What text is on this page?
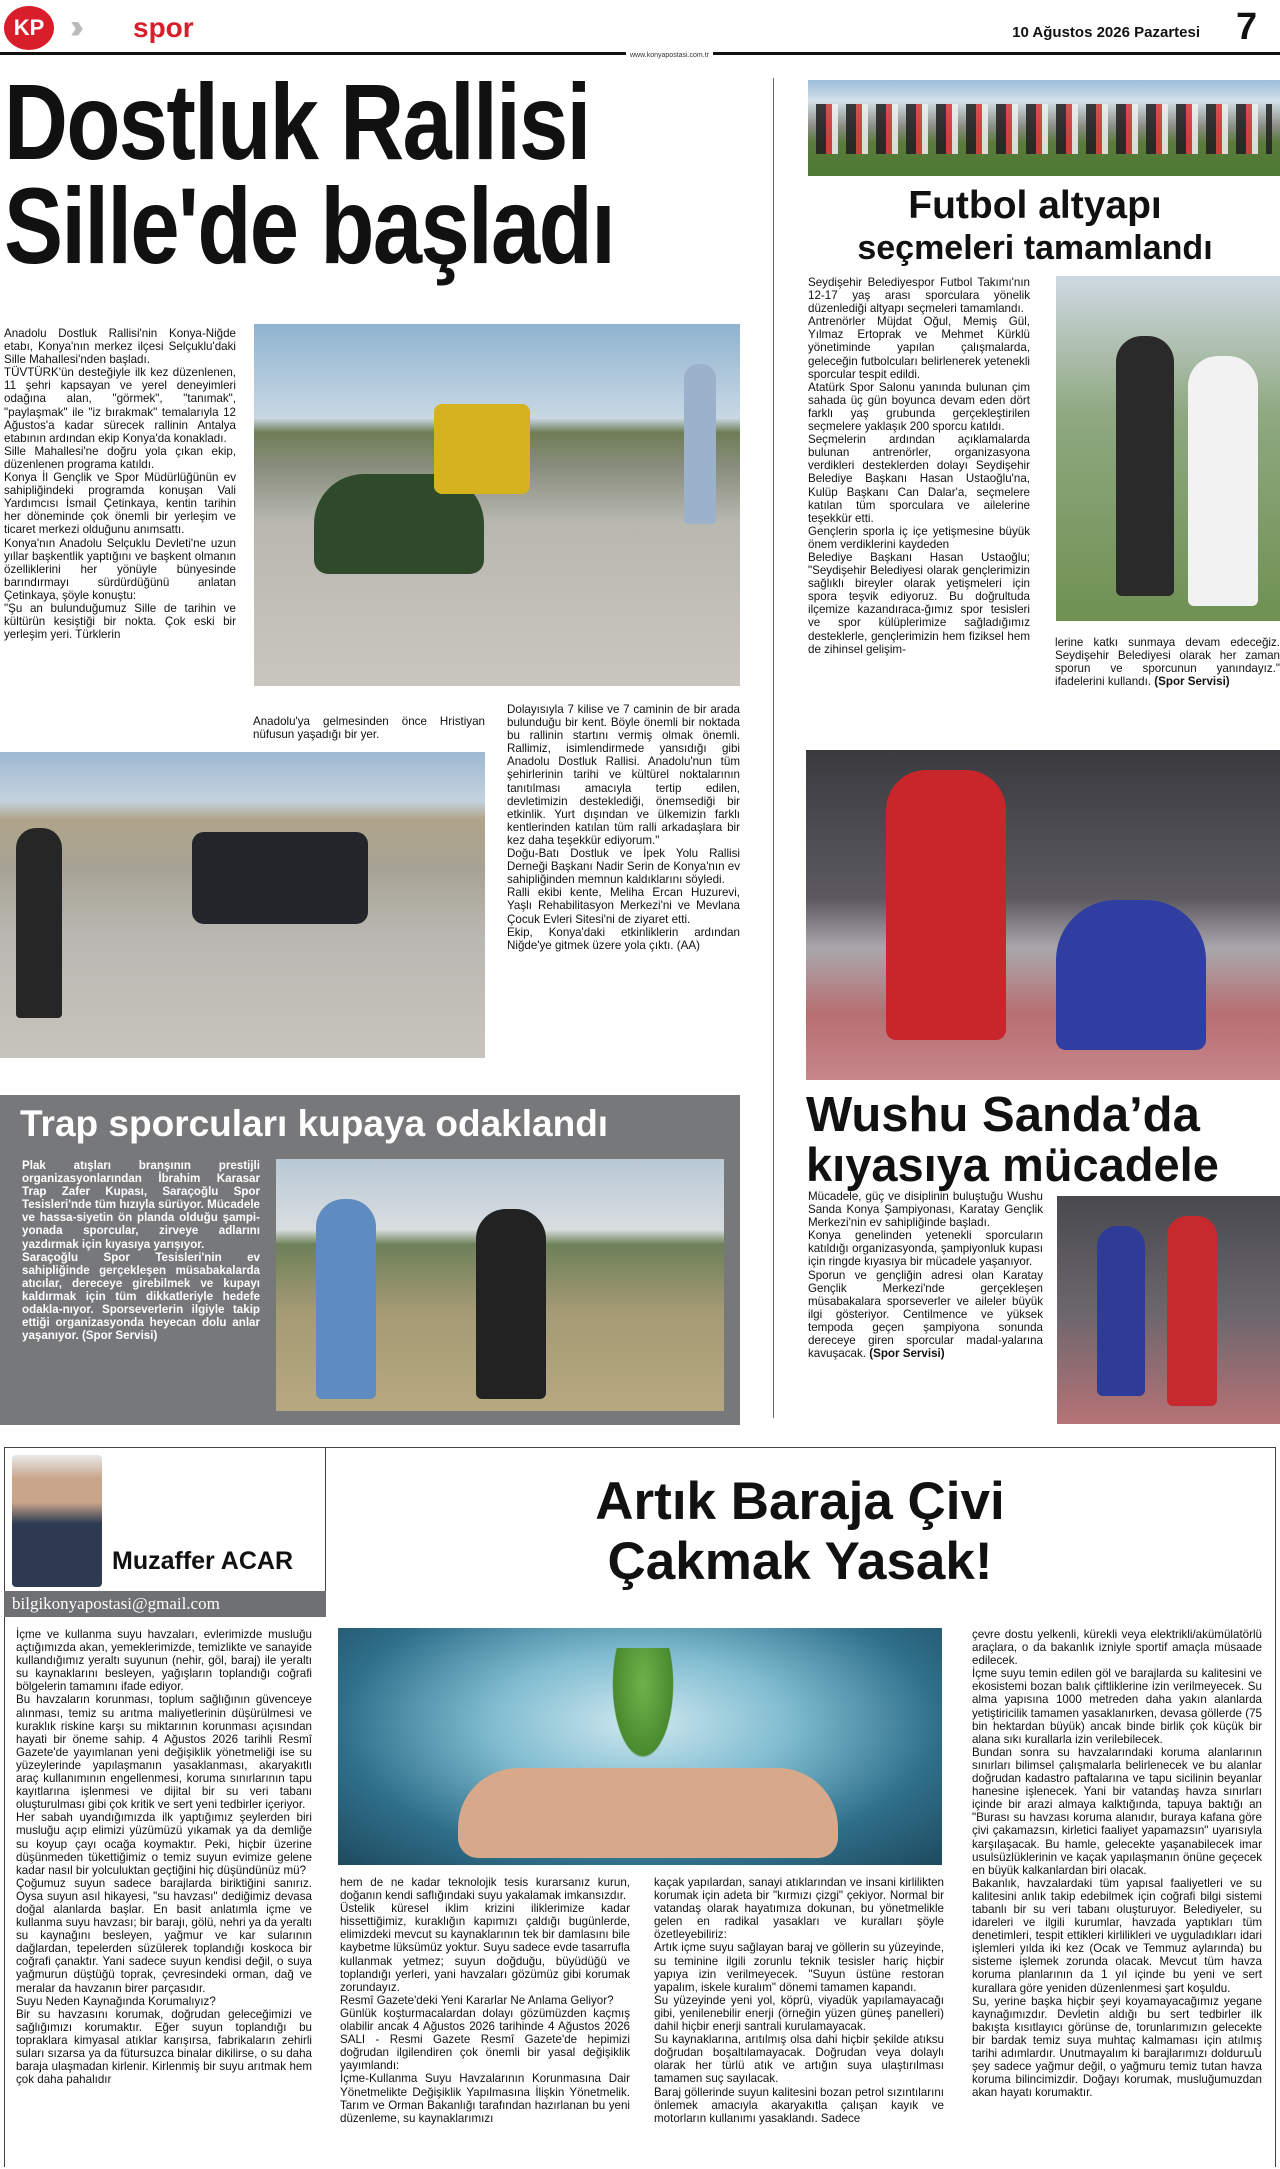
KP ›››	spor	10 Ağustos 2026 Pazartesi 7
www.konyapostasi.com.tr
Dostluk Rallisi
Sille'de başladı
Anadolu Dostluk Rallisi'nin Konya-Niğde etabı, Konya'nın merkez ilçesi Selçuklu'daki Sille Mahallesi'nden başladı.
TÜVTÜRK'ün desteğiyle ilk kez düzenlenen, 11 şehri kapsayan ve yerel deneyimleri odağına alan, "görmek", "tanımak", "paylaşmak" ile "iz bırakmak" temalarıyla 12 Ağustos'a kadar sürecek rallinin Antalya etabının ardından ekip Konya'da konakladı.
Sille Mahallesi'ne doğru yola çıkan ekip, düzenlenen programa katıldı.
Konya İl Gençlik ve Spor Müdürlüğünün ev sahipliğindeki programda konuşan Vali Yardımcısı İsmail Çetinkaya, kentin tarihin her döneminde çok önemli bir yerleşim ve ticaret merkezi olduğunu anımsattı.
Konya'nın Anadolu Selçuklu Devleti'ne uzun yıllar başkentlik yaptığını ve başkent olmanın özelliklerini her yönüyle bünyesinde barındırmayı sürdürdüğünü anlatan Çetinkaya, şöyle konuştu:
"Şu an bulunduğumuz Sille de tarihin ve kültürün kesiştiği bir nokta. Çok eski bir yerleşim yeri. Türklerin
Anadolu'ya gelmesinden önce Hristiyan nüfusun yaşadığı bir yer.
Dolayısıyla 7 kilise ve 7 caminin de bir arada bulunduğu bir kent. Böyle önemli bir noktada bu rallinin startını vermiş olmak önemli. Rallimiz, isimlendirmede yansıdığı gibi Anadolu Dostluk Rallisi. Anadolu'nun tüm şehirlerinin tarihi ve kültürel noktalarının tanıtılması amacıyla tertip edilen, devletimizin desteklediği, önemsediği bir etkinlik. Yurt dışından ve ülkemizin farklı kentlerinden katılan tüm ralli arkadaşlara bir kez daha teşekkür ediyorum."
Doğu-Batı Dostluk ve İpek Yolu Rallisi Derneği Başkanı Nadir Serin de Konya'nın ev sahipliğinden memnun kaldıklarını söyledi.
Ralli ekibi kente, Meliha Ercan Huzurevi, Yaşlı Rehabilitasyon Merkezi'ni ve Mevlana Çocuk Evleri Sitesi'ni de ziyaret etti.
Ekip, Konya'daki etkinliklerin ardından Niğde'ye gitmek üzere yola çıktı. (AA)
Trap sporcuları kupaya odaklandı
Plak atışları branşının prestijli organizasyonlarından İbrahim Karasar Trap Zafer Kupası, Saraçoğlu Spor Tesisleri'nde tüm hızıyla sürüyor. Mücadele ve hassa-siyetin ön planda olduğu şampi-yonada sporcular, zirveye adlarını yazdırmak için kıyasıya yarışıyor.
Saraçoğlu Spor Tesisleri'nin ev sahipliğinde gerçekleşen müsabakalarda atıcılar, dereceye girebilmek ve kupayı kaldırmak için tüm dikkatleriyle hedefe odakla-nıyor. Sporseverlerin ilgiyle takip ettiği organizasyonda heyecan dolu anlar yaşanıyor. (Spor Servisi)
Futbol altyapı
seçmeleri tamamlandı
Seydişehir Belediyespor Futbol Takımı'nın 12-17 yaş arası sporculara yönelik düzenlediği altyapı seçmeleri tamamlandı.
Antrenörler Müjdat Oğul, Memiş Gül, Yılmaz Ertoprak ve Mehmet Kürklü yönetiminde yapılan çalışmalarda, geleceğin futbolcuları belirlenerek yetenekli sporcular tespit edildi.
Atatürk Spor Salonu yanında bulunan çim sahada üç gün boyunca devam eden dört farklı yaş grubunda gerçekleştirilen seçmelere yaklaşık 200 sporcu katıldı.
Seçmelerin ardından açıklamalarda bulunan antrenörler, organizasyona verdikleri desteklerden dolayı Seydişehir Belediye Başkanı Hasan Ustaoğlu'na, Kulüp Başkanı Can Dalar'a, seçmelere katılan tüm sporculara ve ailelerine teşekkür etti.
Gençlerin sporla iç içe yetişmesine büyük önem verdiklerini kaydeden
Belediye Başkanı Hasan Ustaoğlu; "Seydişehir Belediyesi olarak gençlerimizin sağlıklı bireyler olarak yetişmeleri için spora teşvik ediyoruz. Bu doğrultuda ilçemize kazandıraca-ğımız spor tesisleri ve spor külüplerimize sağladığımız desteklerle, gençlerimizin hem fiziksel hem de zihinsel gelişim-
lerine katkı sunmaya devam edeceğiz. Seydişehir Belediyesi olarak her zaman sporun ve sporcunun yanındayız." ifadelerini kullandı. (Spor Servisi)
Wushu Sanda’da
kıyasıya mücadele
Mücadele, güç ve disiplinin buluştuğu Wushu Sanda Konya Şampiyonası, Karatay Gençlik Merkezi'nin ev sahipliğinde başladı.
Konya genelinden yetenekli sporcuların katıldığı organizasyonda, şampiyonluk kupası için ringde kıyasıya bir mücadele yaşanıyor.
Sporun ve gençliğin adresi olan Karatay Gençlik Merkezi'nde gerçekleşen müsabakalara sporseverler ve aileler büyük ilgi gösteriyor. Centilmence ve yüksek tempoda geçen şampiyona sonunda dereceye giren sporcular madal-yalarına kavuşacak. (Spor Servisi)
Muzaffer ACAR
bilgikonyapostasi@gmail.com
Artık Baraja Çivi
Çakmak Yasak!
İçme ve kullanma suyu havzaları, evlerimizde musluğu açtığımızda akan, yemeklerimizde, temizlikte ve sanayide kullandığımız yeraltı suyunun (nehir, göl, baraj) ile yeraltı su kaynaklarını besleyen, yağışların toplandığı coğrafi bölgelerin tamamını ifade ediyor.
Bu havzaların korunması, toplum sağlığının güvenceye alınması, temiz su arıtma maliyetlerinin düşürülmesi ve kuraklık riskine karşı su miktarının korunması açısından hayati bir öneme sahip. 4 Ağustos 2026 tarihli Resmî Gazete'de yayımlanan yeni değişiklik yönetmeliği ise su yüzeylerinde yapılaşmanın yasaklanması, akaryakıtlı araç kullanımının engellenmesi, koruma sınırlarının tapu kayıtlarına işlenmesi ve dijital bir su veri tabanı oluşturulması gibi çok kritik ve sert yeni tedbirler içeriyor.
Her sabah uyandığımızda ilk yaptığımız şeylerden biri musluğu açıp elimizi yüzümüzü yıkamak ya da demliğe su koyup çayı ocağa koymaktır. Peki, hiçbir üzerine düşünmeden tükettiğimiz o temiz suyun evimize gelene kadar nasıl bir yolculuktan geçtiğini hiç düşündünüz mü?
Çoğumuz suyun sadece barajlarda biriktiğini sanırız. Oysa suyun asıl hikayesi, "su havzası" dediğimiz devasa doğal alanlarda başlar. En basit anlatımla içme ve kullanma suyu havzası; bir barajı, gölü, nehri ya da yeraltı su kaynağını besleyen, yağmur ve kar sularının dağlardan, tepelerden süzülerek toplandığı koskoca bir coğrafi çanaktır. Yani sadece suyun kendisi değil, o suya yağmurun düştüğü toprak, çevresindeki orman, dağ ve meralar da havzanın birer parçasıdır.
Suyu Neden Kaynağında Korumalıyız?
Bir su havzasını korumak, doğrudan geleceğimizi ve sağlığımızı korumaktır. Eğer suyun toplandığı bu topraklara kimyasal atıklar karışırsa, fabrikaların zehirli suları sızarsa ya da fütursuzca binalar dikilirse, o su daha baraja ulaşmadan kirlenir. Kirlenmiş bir suyu arıtmak hem çok daha pahalıdır
hem de ne kadar teknolojik tesis kurarsanız kurun, doğanın kendi saflığındaki suyu yakalamak imkansızdır.
Üstelik küresel iklim krizini iliklerimize kadar hissettiğimiz, kuraklığın kapımızı çaldığı bugünlerde, elimizdeki mevcut su kaynaklarının tek bir damlasını bile kaybetme lüksümüz yoktur. Suyu sadece evde tasarrufla kullanmak yetmez; suyun doğduğu, büyüdüğü ve toplandığı yerleri, yani havzaları gözümüz gibi korumak zorundayız.
Resmî Gazete'deki Yeni Kararlar Ne Anlama Geliyor?
Günlük koşturmacalardan dolayı gözümüzden kaçmış olabilir ancak 4 Ağustos 2026 tarihinde 4 Ağustos 2026 SALI - Resmi Gazete Resmî Gazete'de hepimizi doğrudan ilgilendiren çok önemli bir yasal değişiklik yayımlandı:
İçme-Kullanma Suyu Havzalarının Korunmasına Dair Yönetmelikte Değişiklik Yapılmasına İlişkin Yönetmelik. Tarım ve Orman Bakanlığı tarafından hazırlanan bu yeni düzenleme, su kaynaklarımızı
kaçak yapılardan, sanayi atıklarından ve insani kirlilikten korumak için adeta bir "kırmızı çizgi" çekiyor. Normal bir vatandaş olarak hayatımıza dokunan, bu yönetmelikle gelen en radikal yasakları ve kuralları şöyle özetleyebiliriz:
Artık içme suyu sağlayan baraj ve göllerin su yüzeyinde, su temininе ilgili zorunlu teknik tesisler hariç hiçbir yapıya izin verilmeyecek. "Suyun üstüne restoran yapalım, iskele kuralım" dönemi tamamen kapandı.
Su yüzeyinde yeni yol, köprü, viyadük yapılamayacağı gibi, yenilenebilir enerji (örneğin yüzen güneş panelleri) dahil hiçbir enerji santrali kurulamayacak.
Su kaynaklarına, arıtılmış olsa dahi hiçbir şekilde atıksu doğrudan boşaltılamayacak. Doğrudan veya dolaylı olarak her türlü atık ve artığın suya ulaştırılması tamamen suç sayılacak.
Baraj göllerinde suyun kalitesini bozan petrol sızıntılarını önlemek amacıyla akaryakıtla çalışan kayık ve motorların kullanımı yasaklandı. Sadece
çevre dostu yelkenli, kürekli veya elektrikli/akümülatörlü araçlara, o da bakanlık izniyle sportif amaçla müsaade edilecek.
İçme suyu temin edilen göl ve barajlarda su kalitesini ve ekosistemi bozan balık çiftliklerine izin verilmeyecek. Su alma yapısına 1000 metreden daha yakın alanlarda yetiştiricilik tamamen yasaklanırken, devasa göllerde (75 bin hektardan büyük) ancak binde birlik çok küçük bir alana sıkı kurallarla izin verilebilecek.
Bundan sonra su havzalarındaki koruma alanlarının sınırları bilimsel çalışmalarla belirlenecek ve bu alanlar doğrudan kadastro paftalarına ve tapu sicilinin beyanlar hanesine işlenecek. Yani bir vatandaş havza sınırları içinde bir arazi almaya kalktığında, tapuya baktığı an "Burası su havzası koruma alanıdır, buraya kafana göre çivi çakamazsın, kirletici faaliyet yapamazsın" uyarısıyla karşılaşacak. Bu hamle, gelecekte yaşanabilecek imar usulsüzlüklerinin ve kaçak yapılaşmanın önüne geçecek en büyük kalkanlardan biri olacak.
Bakanlık, havzalardaki tüm yapısal faaliyetleri ve su kalitesini anlık takip edebilmek için coğrafi bilgi sistemi tabanlı bir su veri tabanı oluşturuyor. Belediyeler, su idareleri ve ilgili kurumlar, havzada yaptıkları tüm denetimleri, tespit ettikleri kirlilikleri ve uyguladıkları idari işlemleri yılda iki kez (Ocak ve Temmuz aylarında) bu sisteme işlemek zorunda olacak. Mevcut tüm havza koruma planlarının da 1 yıl içinde bu yeni ve sert kurallara göre yeniden düzenlenmesi şart koşuldu.
Su, yerine başka hiçbir şeyi koyamayacağımız yegane kaynağımızdır. Devletin aldığı bu sert tedbirler ilk bakışta kısıtlayıcı görünse de, torunlarımızın gelecekte bir bardak temiz suya muhtaç kalmaması için atılmış tarihi adımlardır. Unutmayalım ki barajlarımızı doldurան şey sadece yağmur değil, o yağmuru temiz tutan havza koruma bilincimizdir. Doğayı korumak, musluğumuzdan akan hayatı korumaktır.
